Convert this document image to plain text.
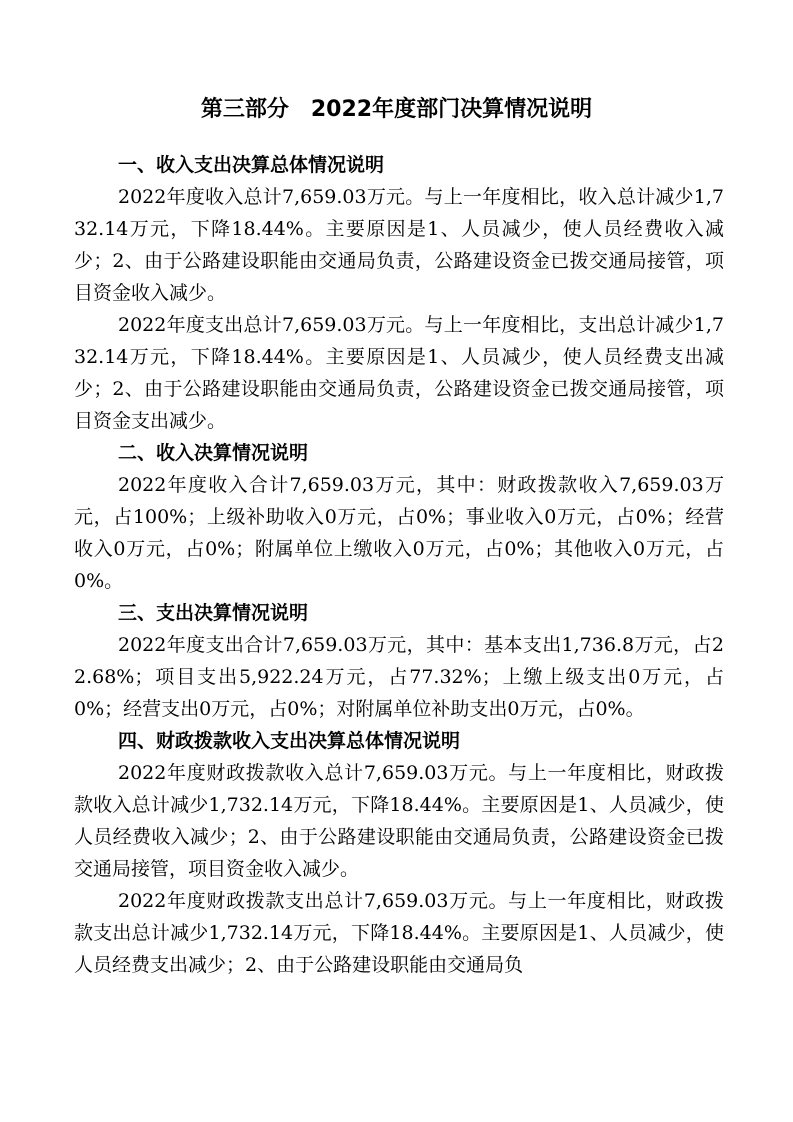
第三部分　2022年度部门决算情况说明

一、收入支出决算总体情况说明

2022年度收入总计7,659.03万元。与上一年度相比，收入总计减少1,732.14万元，下降18.44%。主要原因是1、人员减少，使人员经费收入减少；2、由于公路建设职能由交通局负责，公路建设资金已拨交通局接管，项目资金收入减少。

2022年度支出总计7,659.03万元。与上一年度相比，支出总计减少1,732.14万元，下降18.44%。主要原因是1、人员减少，使人员经费支出减少；2、由于公路建设职能由交通局负责，公路建设资金已拨交通局接管，项目资金支出减少。

二、收入决算情况说明

2022年度收入合计7,659.03万元，其中：财政拨款收入7,659.03万元，占100%；上级补助收入0万元，占0%；事业收入0万元，占0%；经营收入0万元，占0%；附属单位上缴收入0万元，占0%；其他收入0万元，占0%。

三、支出决算情况说明

2022年度支出合计7,659.03万元，其中：基本支出1,736.8万元，占22.68%；项目支出5,922.24万元，占77.32%；上缴上级支出0万元，占0%；经营支出0万元，占0%；对附属单位补助支出0万元，占0%。

四、财政拨款收入支出决算总体情况说明

2022年度财政拨款收入总计7,659.03万元。与上一年度相比，财政拨款收入总计减少1,732.14万元，下降18.44%。主要原因是1、人员减少，使人员经费收入减少；2、由于公路建设职能由交通局负责，公路建设资金已拨交通局接管，项目资金收入减少。

2022年度财政拨款支出总计7,659.03万元。与上一年度相比，财政拨款支出总计减少1,732.14万元，下降18.44%。主要原因是1、人员减少，使人员经费支出减少；2、由于公路建设职能由交通局负
